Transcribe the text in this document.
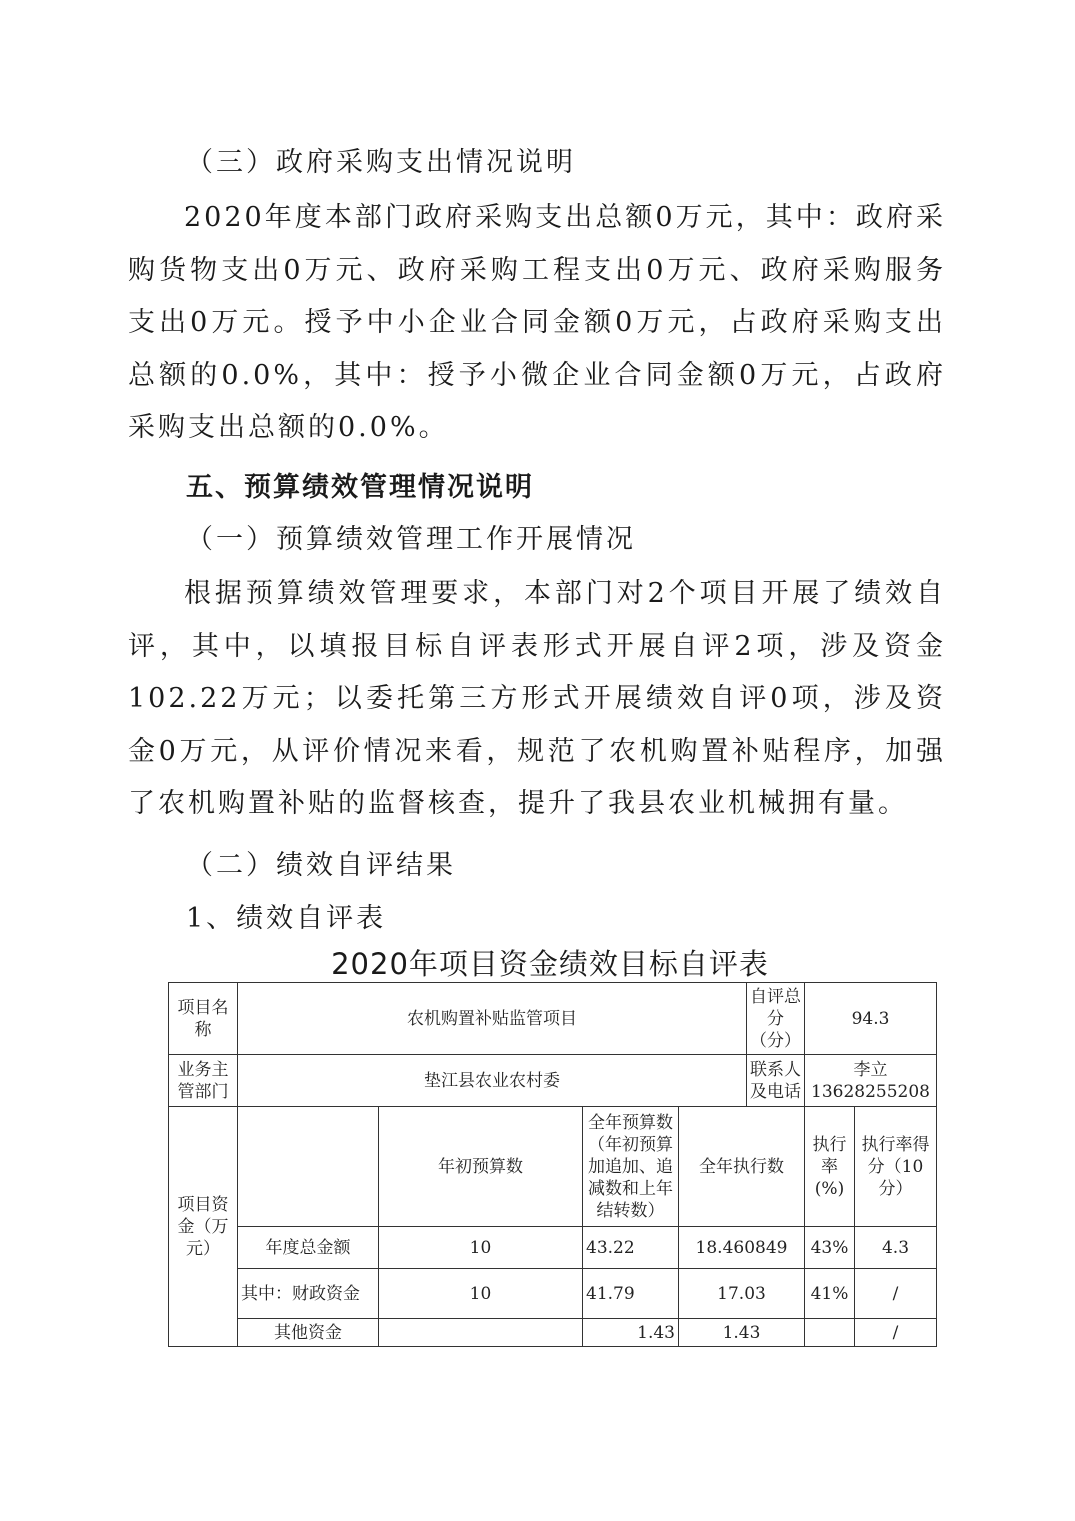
（三）政府采购支出情况说明

2020年度本部门政府采购支出总额0万元，其中：政府采购货物支出0万元、政府采购工程支出0万元、政府采购服务支出0万元。授予中小企业合同金额0万元，占政府采购支出总额的0.0%，其中：授予小微企业合同金额0万元，占政府采购支出总额的0.0%。

五、预算绩效管理情况说明

（一）预算绩效管理工作开展情况

根据预算绩效管理要求，本部门对2个项目开展了绩效自评，其中，以填报目标自评表形式开展自评2项，涉及资金102.22万元；以委托第三方形式开展绩效自评0项，涉及资金0万元，从评价情况来看，规范了农机购置补贴程序，加强了农机购置补贴的监督核查，提升了我县农业机械拥有量。

（二）绩效自评结果

1、绩效自评表

2020年项目资金绩效目标自评表
项目名称	农机购置补贴监管项目				自评总分（分）	94.3	
业务主管部门	垫江县农业农村委				联系人及电话	李立 13628255208	
项目资金（万元）		年初预算数	全年预算数（年初预算加追加、追减数和上年结转数）	全年执行数		执行率(%)	执行率得分（10分）
	年度总金额	10	43.22	18.460849		43%	4.3
	其中：财政资金	10	41.79	17.03		41%	/
	其他资金		1.43	1.43			/
